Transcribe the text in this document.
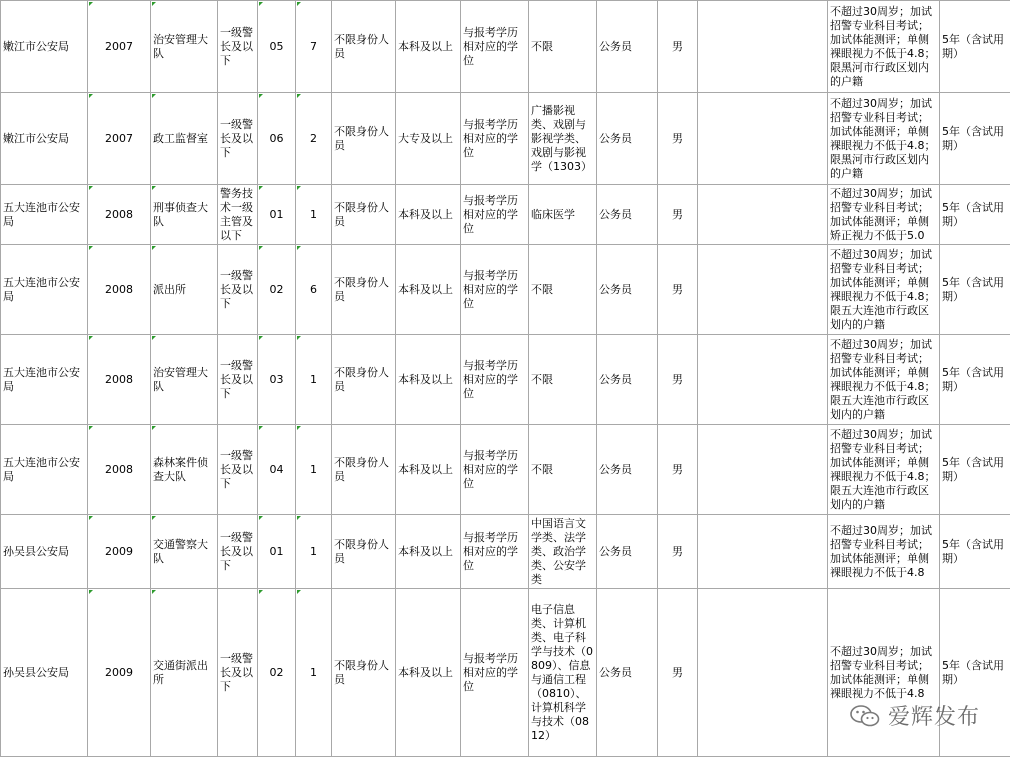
嫩江市公安局	2007	治安管理大队	一级警长及以下	05	7	不限身份人员	本科及以上	与报考学历相对应的学位	不限	公务员	男		不超过30周岁；加试招警专业科目考试；加试体能测评；单侧裸眼视力不低于4.8；限黑河市行政区划内的户籍	5年（含试用期）
嫩江市公安局	2007	政工监督室	一级警长及以下	06	2	不限身份人员	大专及以上	与报考学历相对应的学位	广播影视类、戏剧与影视学类、戏剧与影视学（1303）	公务员	男		不超过30周岁；加试招警专业科目考试；加试体能测评；单侧裸眼视力不低于4.8；限黑河市行政区划内的户籍	5年（含试用期）
五大连池市公安局	2008	刑事侦查大队	警务技术一级主管及以下	01	1	不限身份人员	本科及以上	与报考学历相对应的学位	临床医学	公务员	男		不超过30周岁；加试招警专业科目考试；加试体能测评；单侧矫正视力不低于5.0	5年（含试用期）
五大连池市公安局	2008	派出所	一级警长及以下	02	6	不限身份人员	本科及以上	与报考学历相对应的学位	不限	公务员	男		不超过30周岁；加试招警专业科目考试；加试体能测评；单侧裸眼视力不低于4.8；限五大连池市行政区划内的户籍	5年（含试用期）
五大连池市公安局	2008	治安管理大队	一级警长及以下	03	1	不限身份人员	本科及以上	与报考学历相对应的学位	不限	公务员	男		不超过30周岁；加试招警专业科目考试；加试体能测评；单侧裸眼视力不低于4.8；限五大连池市行政区划内的户籍	5年（含试用期）
五大连池市公安局	2008	森林案件侦查大队	一级警长及以下	04	1	不限身份人员	本科及以上	与报考学历相对应的学位	不限	公务员	男		不超过30周岁；加试招警专业科目考试；加试体能测评；单侧裸眼视力不低于4.8；限五大连池市行政区划内的户籍	5年（含试用期）
孙吴县公安局	2009	交通警察大队	一级警长及以下	01	1	不限身份人员	本科及以上	与报考学历相对应的学位	中国语言文学类、法学类、政治学类、公安学类	公务员	男		不超过30周岁；加试招警专业科目考试；加试体能测评；单侧裸眼视力不低于4.8	5年（含试用期）
孙吴县公安局	2009	交通街派出所	一级警长及以下	02	1	不限身份人员	本科及以上	与报考学历相对应的学位	电子信息类、计算机类、电子科学与技术（0809）、信息与通信工程（0810）、计算机科学与技术（0812）	公务员	男		不超过30周岁；加试招警专业科目考试；加试体能测评；单侧裸眼视力不低于4.8	5年（含试用期）
爱辉发布
